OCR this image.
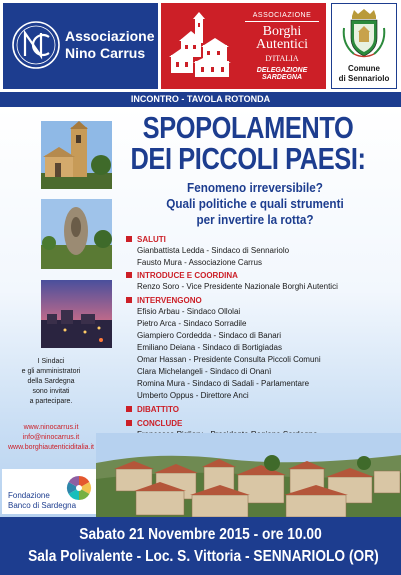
Associazione
Nino Carrus
ASSOCIAZIONE
Borghi Autentici
D'ITALIA
DELEGAZIONE SARDEGNA
Comune
di Sennariolo
INCONTRO - TAVOLA ROTONDA
SPOPOLAMENTO
DEI PICCOLI PAESI:
Fenomeno irreversibile?
Quali politiche e quali strumenti
per invertire la rotta?
SALUTI
Gianbattista Ledda - Sindaco di Sennariolo
Fausto Mura - Associazione Carrus
INTRODUCE E COORDINA
Renzo Soro - Vice Presidente Nazionale Borghi Autentici
INTERVENGONO
Efisio Arbau - Sindaco Ollolai
Pietro Arca - Sindaco Sorradile
Giampiero Cordedda - Sindaco di Banari
Emiliano Deiana - Sindaco di Bortigiadas
Omar Hassan - Presidente Consulta Piccoli Comuni
Clara Michelangeli - Sindaco di Onanì
Romina Mura - Sindaco di Sadali - Parlamentare
Umberto Oppus - Direttore Anci
DIBATTITO
CONCLUDE
I Sindaci
e gli amministratori
della Sardegna
sono invitati
a partecipare.
www.ninocarrus.it
info@ninocarrus.it
www.borghiautenticiditalia.it
Fondazione
Banco di Sardegna
Sabato 21 Novembre 2015 - ore 10.00
Sala Polivalente - Loc. S. Vittoria - SENNARIOLO (OR)
